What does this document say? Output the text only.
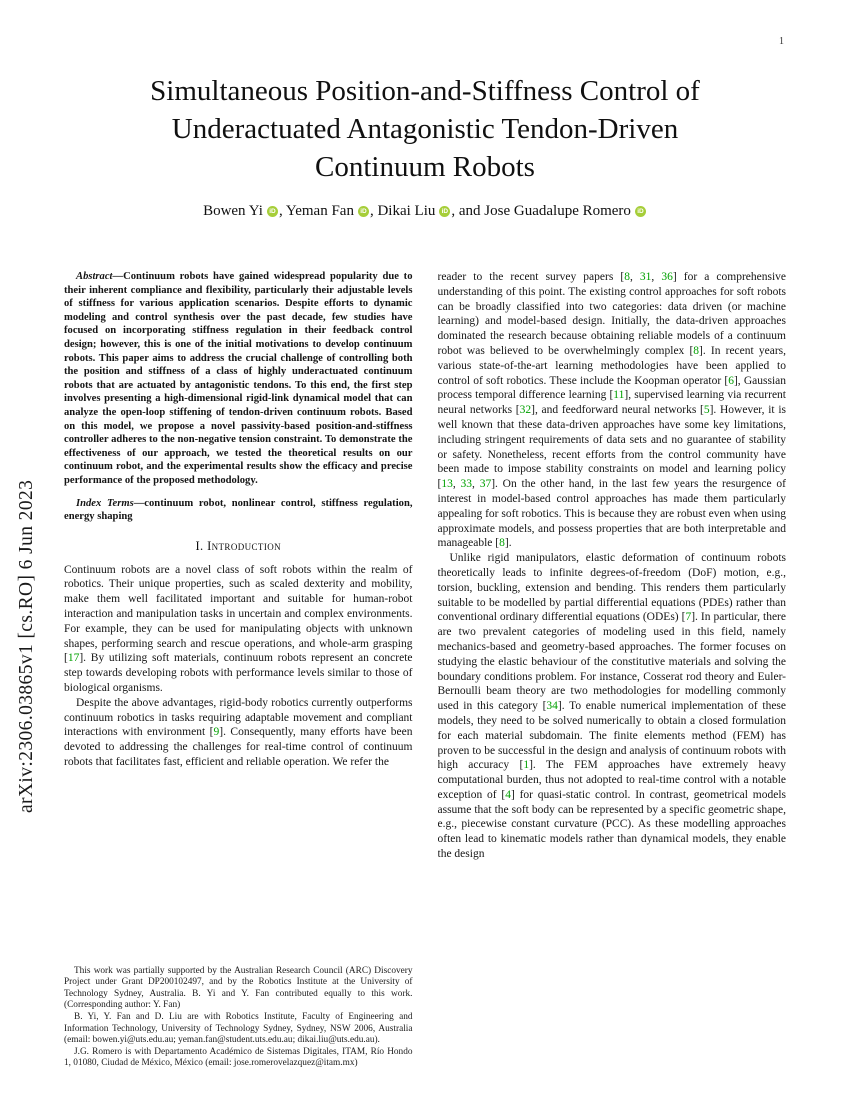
1
arXiv:2306.03865v1 [cs.RO] 6 Jun 2023
Simultaneous Position-and-Stiffness Control of
Underactuated Antagonistic Tendon-Driven
Continuum Robots
Bowen Yi iD , Yeman Fan iD , Dikai Liu iD , and Jose Guadalupe Romero iD

Abstract—Continuum robots have gained widespread popularity due to their inherent compliance and flexibility, particularly their adjustable levels of stiffness for various application scenarios. Despite efforts to dynamic modeling and control synthesis over the past decade, few studies have focused on incorporating stiffness regulation in their feedback control design; however, this is one of the initial motivations to develop continuum robots. This paper aims to address the crucial challenge of controlling both the position and stiffness of a class of highly underactuated continuum robots that are actuated by antagonistic tendons. To this end, the first step involves presenting a high-dimensional rigid-link dynamical model that can analyze the open-loop stiffening of tendon-driven continuum robots. Based on this model, we propose a novel passivity-based position-and-stiffness controller adheres to the non-negative tension constraint. To demonstrate the effectiveness of our approach, we tested the theoretical results on our continuum robot, and the experimental results show the efficacy and precise performance of the proposed methodology.

Index Terms—continuum robot, nonlinear control, stiffness regulation, energy shaping

I. Introduction

Continuum robots are a novel class of soft robots within the realm of robotics. Their unique properties, such as scaled dexterity and mobility, make them well facilitated important and suitable for human-robot interaction and manipulation tasks in uncertain and complex environments. For example, they can be used for manipulating objects with unknown shapes, performing search and rescue operations, and whole-arm grasping [17]. By utilizing soft materials, continuum robots represent an concrete step towards developing robots with performance levels similar to those of biological organisms.

Despite the above advantages, rigid-body robotics currently outperforms continuum robotics in tasks requiring adaptable movement and compliant interactions with environment [9]. Consequently, many efforts have been devoted to addressing the challenges for real-time control of continuum robots that facilitates fast, efficient and reliable operation. We refer the

This work was partially supported by the Australian Research Council (ARC) Discovery Project under Grant DP200102497, and by the Robotics Institute at the University of Technology Sydney, Australia. B. Yi and Y. Fan contributed equally to this work. (Corresponding author: Y. Fan)

B. Yi, Y. Fan and D. Liu are with Robotics Institute, Faculty of Engineering and Information Technology, University of Technology Sydney, Sydney, NSW 2006, Australia (email: bowen.yi@uts.edu.au; yeman.fan@student.uts.edu.au; dikai.liu@uts.edu.au).

J.G. Romero is with Departamento Académico de Sistemas Digitales, ITAM, Río Hondo 1, 01080, Ciudad de México, México (email: jose.romerovelazquez@itam.mx)

reader to the recent survey papers [8, 31, 36] for a comprehensive understanding of this point. The existing control approaches for soft robots can be broadly classified into two categories: data driven (or machine learning) and model-based design. Initially, the data-driven approaches dominated the research because obtaining reliable models of a continuum robot was believed to be overwhelmingly complex [8]. In recent years, various state-of-the-art learning methodologies have been applied to control of soft robotics. These include the Koopman operator [6], Gaussian process temporal difference learning [11], supervised learning via recurrent neural networks [32], and feedforward neural networks [5]. However, it is well known that these data-driven approaches have some key limitations, including stringent requirements of data sets and no guarantee of stability or safety. Nonetheless, recent efforts from the control community have been made to impose stability constraints on model and learning policy [13, 33, 37]. On the other hand, in the last few years the resurgence of interest in model-based control approaches has made them particularly appealing for soft robotics. This is because they are robust even when using approximate models, and possess properties that are both interpretable and manageable [8].

Unlike rigid manipulators, elastic deformation of continuum robots theoretically leads to infinite degrees-of-freedom (DoF) motion, e.g., torsion, buckling, extension and bending. This renders them particularly suitable to be modelled by partial differential equations (PDEs) rather than conventional ordinary differential equations (ODEs) [7]. In particular, there are two prevalent categories of modeling used in this field, namely mechanics-based and geometry-based approaches. The former focuses on studying the elastic behaviour of the constitutive materials and solving the boundary conditions problem. For instance, Cosserat rod theory and Euler-Bernoulli beam theory are two methodologies for modelling commonly used in this category [34]. To enable numerical implementation of these models, they need to be solved numerically to obtain a closed formulation for each material subdomain. The finite elements method (FEM) has proven to be successful in the design and analysis of continuum robots with high accuracy [1]. The FEM approaches have extremely heavy computational burden, thus not adopted to real-time control with a notable exception of [4] for quasi-static control. In contrast, geometrical models assume that the soft body can be represented by a specific geometric shape, e.g., piecewise constant curvature (PCC). As these modelling approaches often lead to kinematic models rather than dynamical models, they enable the design
